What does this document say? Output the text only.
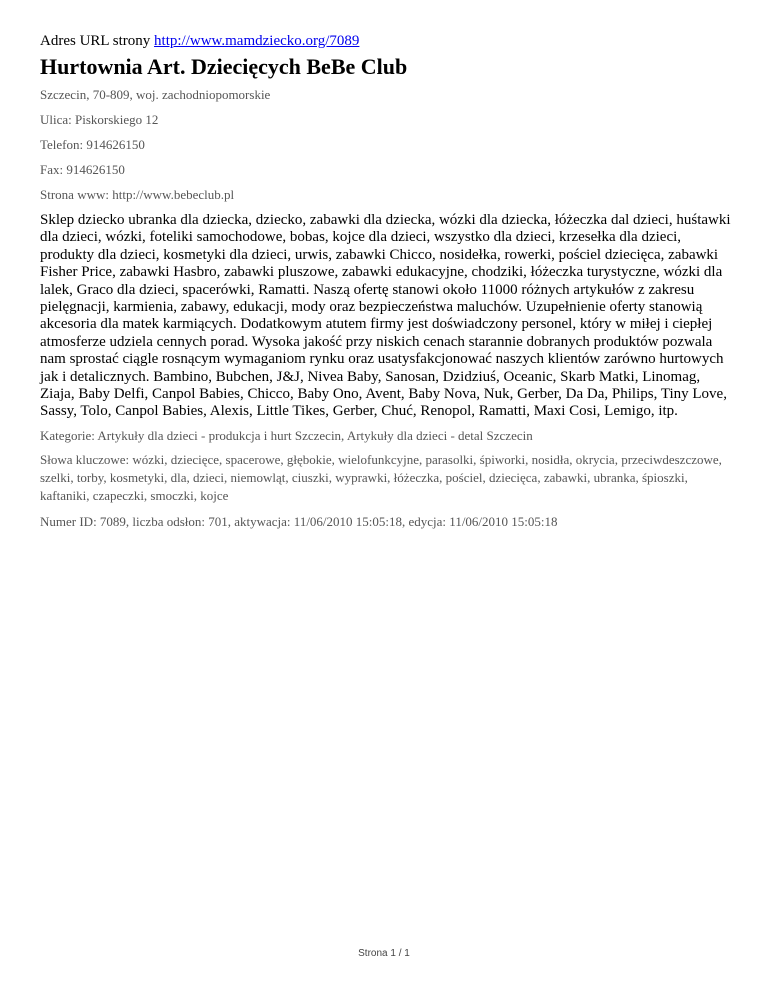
Adres URL strony http://www.mamdziecko.org/7089
Hurtownia Art. Dziecięcych BeBe Club
Szczecin, 70-809, woj. zachodniopomorskie
Ulica: Piskorskiego 12
Telefon: 914626150
Fax: 914626150
Strona www: http://www.bebeclub.pl
Sklep dziecko ubranka dla dziecka, dziecko, zabawki dla dziecka, wózki dla dziecka, łóżeczka dal dzieci, huśtawki dla dzieci, wózki, foteliki samochodowe, bobas, kojce dla dzieci, wszystko dla dzieci, krzesełka dla dzieci, produkty dla dzieci, kosmetyki dla dzieci, urwis, zabawki Chicco, nosidełka, rowerki, pościel dziecięca, zabawki Fisher Price, zabawki Hasbro, zabawki pluszowe, zabawki edukacyjne, chodziki, łóżeczka turystyczne, wózki dla lalek, Graco dla dzieci, spacerówki, Ramatti. Naszą ofertę stanowi około 11000 różnych artykułów z zakresu pielęgnacji, karmienia, zabawy, edukacji, mody oraz bezpieczeństwa maluchów. Uzupełnienie oferty stanowią akcesoria dla matek karmiących. Dodatkowym atutem firmy jest doświadczony personel, który w miłej i ciepłej atmosferze udziela cennych porad. Wysoka jakość przy niskich cenach starannie dobranych produktów pozwala nam sprostać ciągle rosnącym wymaganiom rynku oraz usatysfakcjonować naszych klientów zarówno hurtowych jak i detalicznych. Bambino, Bubchen, J&J, Nivea Baby, Sanosan, Dzidziuś, Oceanic, Skarb Matki, Linomag, Ziaja, Baby Delfi, Canpol Babies, Chicco, Baby Ono, Avent, Baby Nova, Nuk, Gerber, Da Da, Philips, Tiny Love, Sassy, Tolo, Canpol Babies, Alexis, Little Tikes, Gerber, Chuć, Renopol, Ramatti, Maxi Cosi, Lemigo, itp.
Kategorie: Artykuły dla dzieci - produkcja i hurt Szczecin, Artykuły dla dzieci - detal Szczecin
Słowa kluczowe: wózki, dziecięce, spacerowe, głębokie, wielofunkcyjne, parasolki, śpiworki, nosidła, okrycia, przeciwdeszczowe, szelki, torby, kosmetyki, dla, dzieci, niemowląt, ciuszki, wyprawki, łóżeczka, pościel, dziecięca, zabawki, ubranka, śpioszki, kaftaniki, czapeczki, smoczki, kojce
Numer ID: 7089, liczba odsłon: 701, aktywacja: 11/06/2010 15:05:18, edycja: 11/06/2010 15:05:18
Strona 1 / 1
